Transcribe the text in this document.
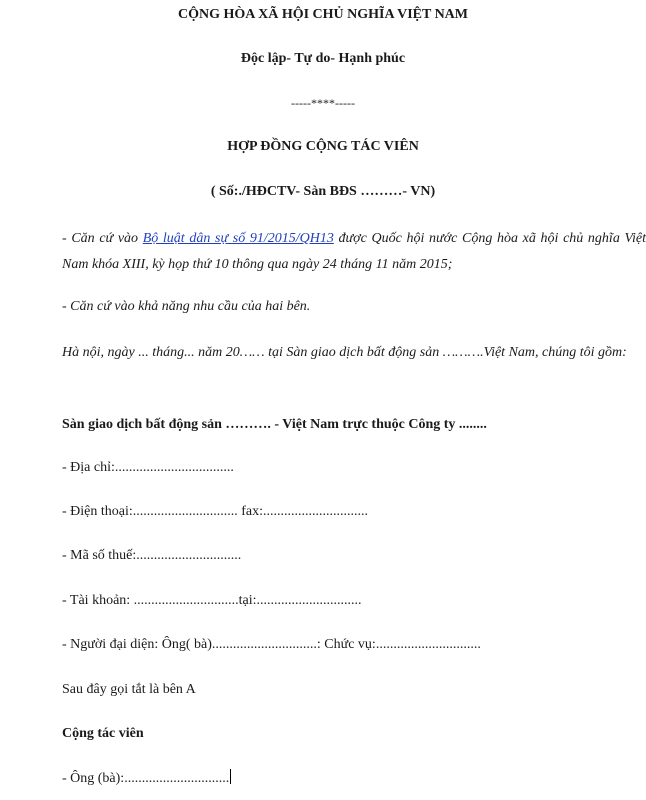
CỘNG HÒA XÃ HỘI CHỦ NGHĨA VIỆT NAM
Độc lập- Tự do- Hạnh phúc
-----****-----
HỢP ĐỒNG CỘNG TÁC VIÊN
( Số:./HĐCTV- Sàn BĐS ………- VN)
- Căn cứ vào Bộ luật dân sự số 91/2015/QH13 được Quốc hội nước Cộng hòa xã hội chủ nghĩa Việt Nam khóa XIII, kỳ họp thứ 10 thông qua ngày 24 tháng 11 năm 2015;
- Căn cứ vào khả năng nhu cầu của hai bên.
Hà nội, ngày ... tháng... năm 20…… tại Sàn giao dịch bất động sản ……….Việt Nam, chúng tôi gồm:
Sàn giao dịch bất động sản ………. - Việt Nam trực thuộc Công ty ........
- Địa chỉ:..................................
- Điện thoại:.............................. fax:..............................
- Mã số thuế:..............................
- Tài khoản: ..............................tại:..............................
- Người đại diện: Ông( bà)..............................: Chức vụ:..............................
Sau đây gọi tắt là bên A
Cộng tác viên
- Ông (bà):..............................
